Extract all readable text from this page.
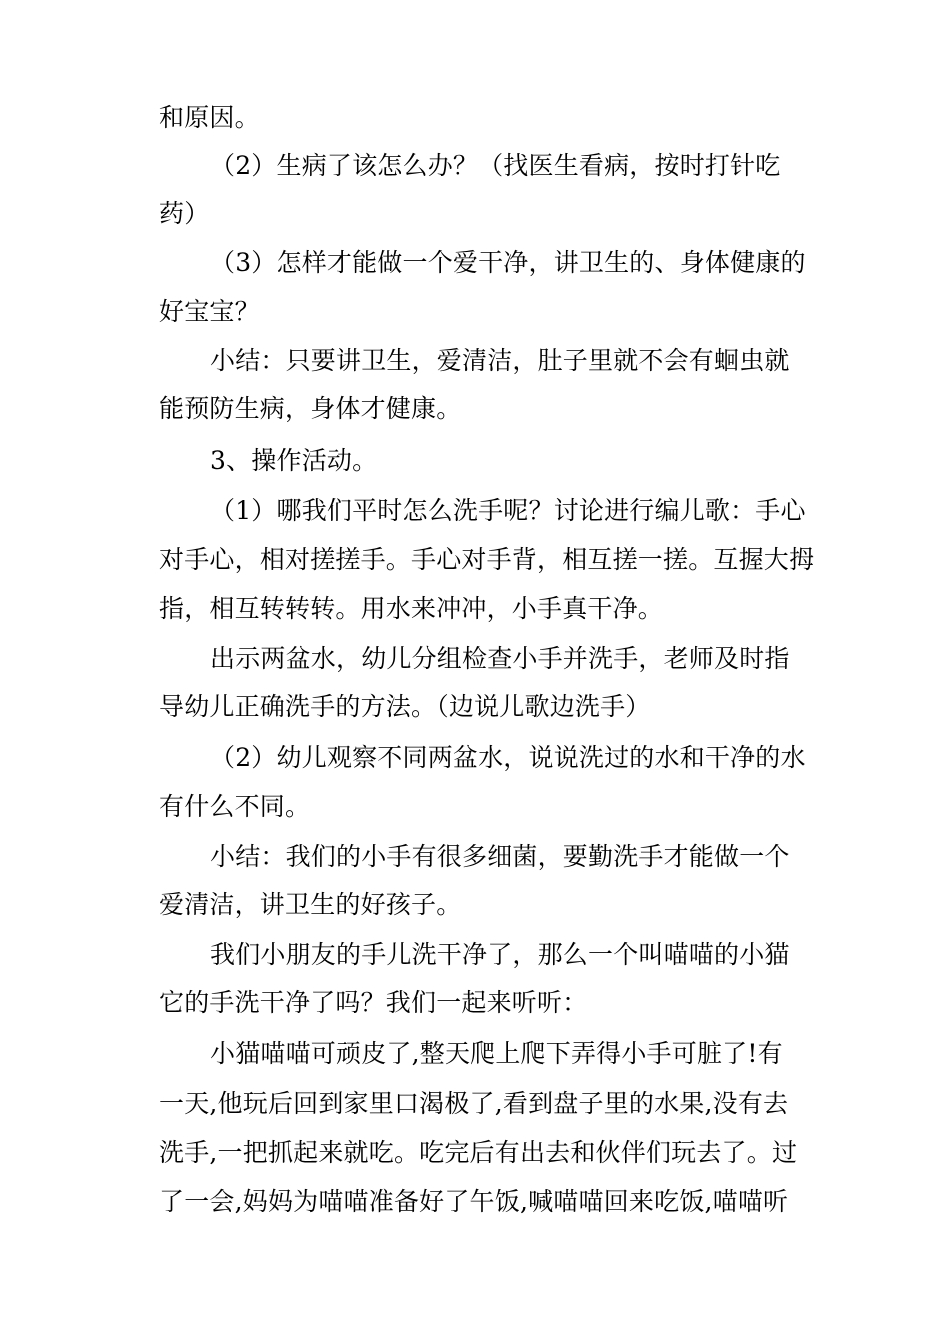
和原因。
（2）生病了该怎么办？（找医生看病，按时打针吃
药）
（3）怎样才能做一个爱干净，讲卫生的、身体健康的
好宝宝？
小结：只要讲卫生，爱清洁，肚子里就不会有蛔虫就
能预防生病，身体才健康。
3、操作活动。
（1）哪我们平时怎么洗手呢？讨论进行编儿歌：手心
对手心，相对搓搓手。手心对手背，相互搓一搓。互握大拇
指，相互转转转。用水来冲冲，小手真干净。
出示两盆水，幼儿分组检查小手并洗手，老师及时指
导幼儿正确洗手的方法。（边说儿歌边洗手）
（2）幼儿观察不同两盆水，说说洗过的水和干净的水
有什么不同。
小结：我们的小手有很多细菌，要勤洗手才能做一个
爱清洁，讲卫生的好孩子。
我们小朋友的手儿洗干净了，那么一个叫喵喵的小猫
它的手洗干净了吗？我们一起来听听：
小猫喵喵可顽皮了,整天爬上爬下弄得小手可脏了!有
一天,他玩后回到家里口渴极了,看到盘子里的水果,没有去
洗手,一把抓起来就吃。吃完后有出去和伙伴们玩去了。过
了一会,妈妈为喵喵准备好了午饭,喊喵喵回来吃饭,喵喵听
